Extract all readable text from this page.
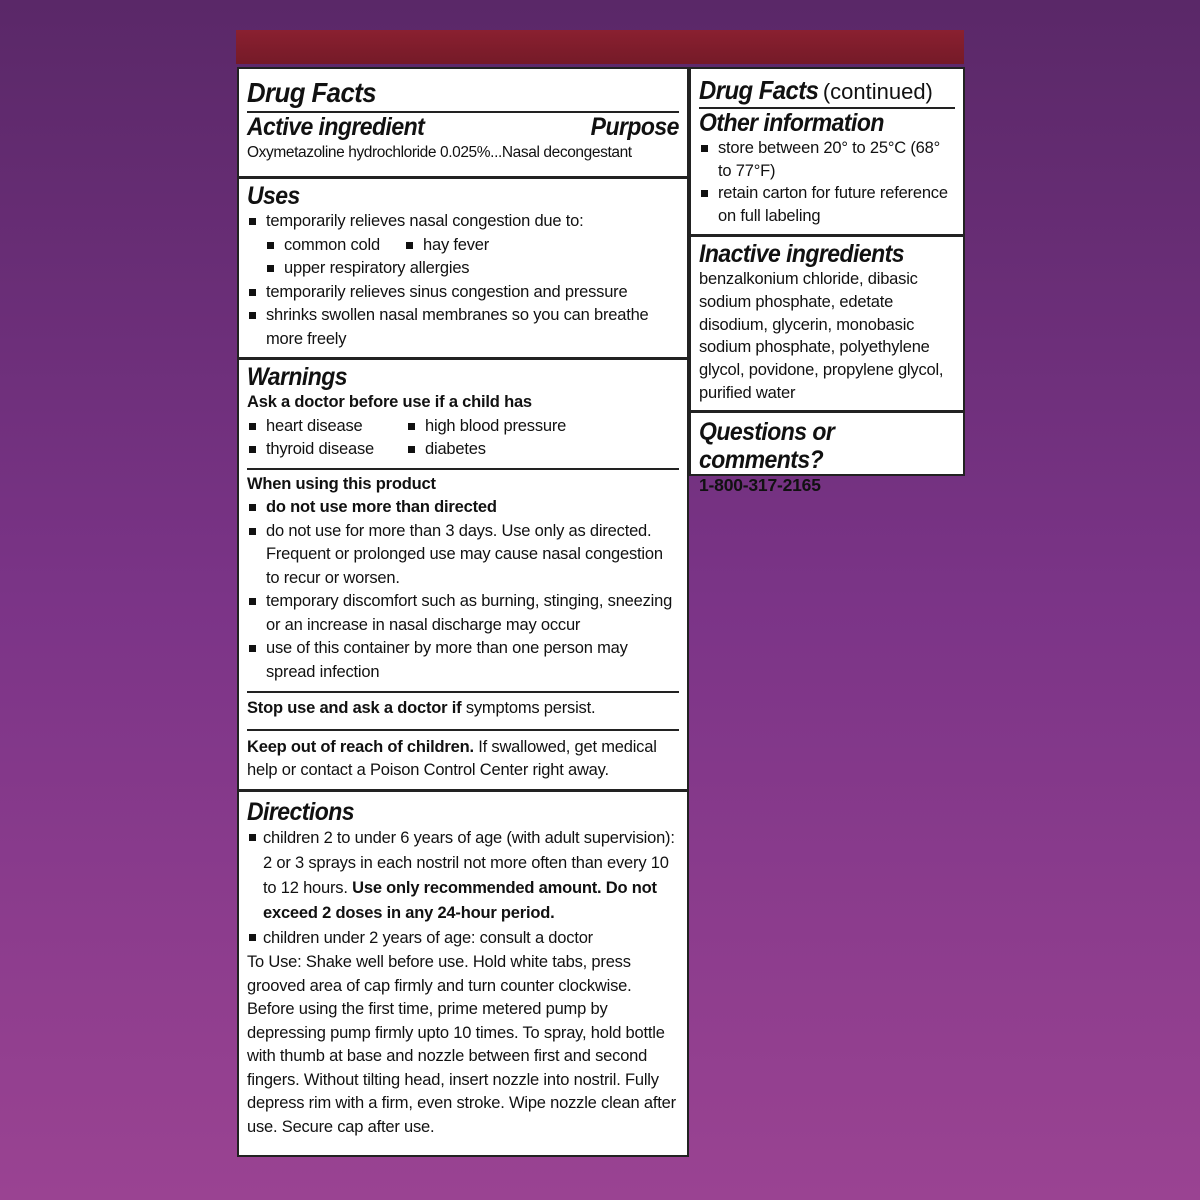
Drug Facts
Active ingredient	Purpose
Oxymetazoline hydrochloride 0.025% ... Nasal decongestant
Uses
temporarily relieves nasal congestion due to:
common cold	hay fever
upper respiratory allergies
temporarily relieves sinus congestion and pressure
shrinks swollen nasal membranes so you can breathe more freely
Warnings
Ask a doctor before use if a child has
heart disease	high blood pressure
thyroid disease	diabetes
When using this product
do not use more than directed
do not use for more than 3 days. Use only as directed. Frequent or prolonged use may cause nasal congestion to recur or worsen.
temporary discomfort such as burning, stinging, sneezing or an increase in nasal discharge may occur
use of this container by more than one person may spread infection
Stop use and ask a doctor if symptoms persist.
Keep out of reach of children. If swallowed, get medical help or contact a Poison Control Center right away.
Directions
children 2 to under 6 years of age (with adult supervision): 2 or 3 sprays in each nostril not more often than every 10 to 12 hours. Use only recommended amount. Do not exceed 2 doses in any 24-hour period.
children under 2 years of age: consult a doctor
To Use: Shake well before use. Hold white tabs, press grooved area of cap firmly and turn counter clockwise. Before using the first time, prime metered pump by depressing pump firmly upto 10 times. To spray, hold bottle with thumb at base and nozzle between first and second fingers. Without tilting head, insert nozzle into nostril. Fully depress rim with a firm, even stroke. Wipe nozzle clean after use. Secure cap after use.
Drug Facts (continued)
Other information
store between 20° to 25°C (68° to 77°F)
retain carton for future reference on full labeling
Inactive ingredients
benzalkonium chloride, dibasic sodium phosphate, edetate disodium, glycerin, monobasic sodium phosphate, polyethylene glycol, povidone, propylene glycol, purified water
Questions or comments?
1-800-317-2165
